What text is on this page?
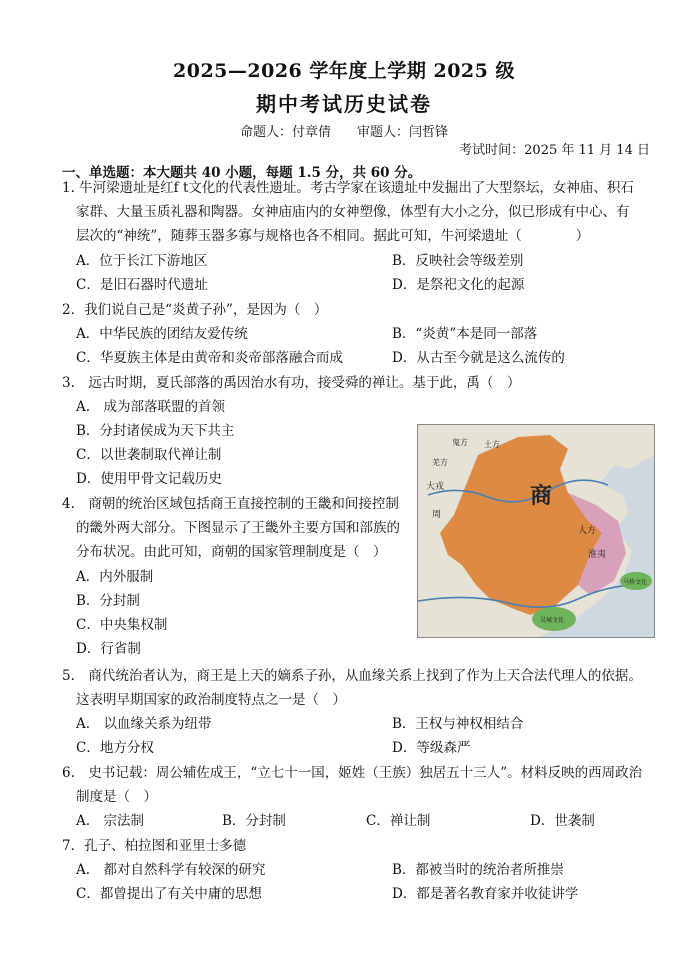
2025—2026 学年度上学期 2025 级
期中考试历史试卷
命题人：付章倩　　审题人：闫哲锋
考试时间：2025 年 11 月 14 日
一、单选题：本大题共 40 小题，每题 1.5 分，共 60 分。
1. 牛河梁遗址是红f t文化的代表性遗址。考古学家在该遗址中发掘出了大型祭坛，女神庙、积石
家群、大量玉质礼器和陶器。女神庙庙内的女神塑像，体型有大小之分，似已形成有中心、有
层次的“神统”，随葬玉器多寡与规格也各不相同。据此可知，牛河梁遗址（　　　　）
A．位于长江下游地区	B．反映社会等级差别
C．是旧石器时代遗址	D．是祭祀文化的起源
2．我们说自己是“炎黄子孙”，是因为（　）
A．中华民族的团结友爱传统	B．“炎黄”本是同一部落
C．华夏族主体是由黄帝和炎帝部落融合而成	D．从古至今就是这么流传的
3.　远古时期，夏氏部落的禹因治水有功，接受舜的禅让。基于此，禹（　）
A.　成为部落联盟的首领
B．分封诸侯成为天下共主
C．以世袭制取代禅让制
D．使用甲骨文记载历史
4.　商朝的统治区域包括商王直接控制的王畿和间接控制
的畿外两大部分。下图显示了王畿外主要方国和部族的
分布状况。由此可知，商朝的国家管理制度是（　）
A．内外服制
B．分封制
C．中央集权制
D．行省制
商
羌方
土方
鬼方
大戎
周
人方
淮夷
马桥文化
吴城文化
5.　商代统治者认为，商王是上天的嫡系子孙，从血缘关系上找到了作为上天合法代理人的依据。
这表明早期国家的政治制度特点之一是（　）
A.　以血缘关系为纽带	B．王权与神权相结合
C．地方分权	D．等级森严
6.　史书记载：周公辅佐成王，“立七十一国，姬姓（王族）独居五十三人”。材料反映的西周政治
制度是（　）
A.　宗法制	B．分封制	C．禅让制	D．世袭制
7．孔子、柏拉图和亚里士多德
A.　都对自然科学有较深的研究	B．都被当时的统治者所推崇
C．都曾提出了有关中庸的思想	D．都是著名教育家并收徒讲学
